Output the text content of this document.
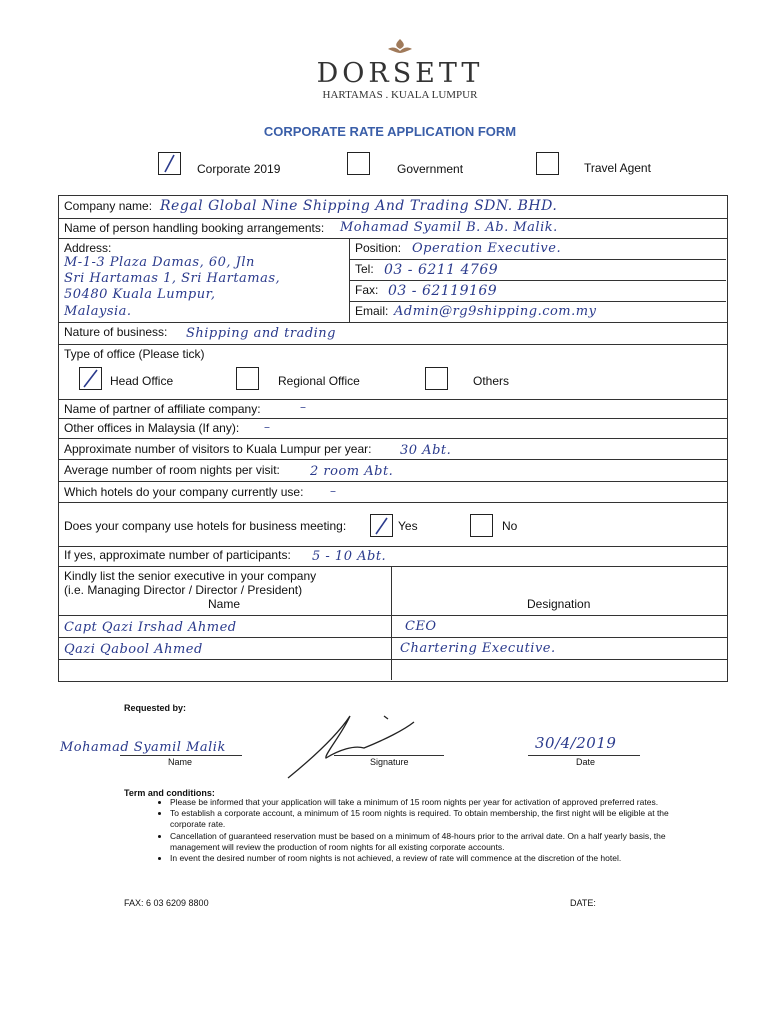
DORSETT
HARTAMAS . KUALA LUMPUR
CORPORATE RATE APPLICATION FORM
Corporate 2019	Government	Travel Agent
Company name: Regal Global Nine Shipping And Trading SDN. BHD.
Name of person handling booking arrangements: Mohamad Syamil B. Ab. Malik.
Address:
M-1-3 Plaza Damas, 60, Jln
Sri Hartamas 1, Sri Hartamas,
50480 Kuala Lumpur,
Malaysia.
Position: Operation Executive.
Tel: 03 - 6211 4769
Fax: 03 - 62119169
Email: Admin@rg9shipping.com.my
Nature of business: Shipping and trading
Type of office (Please tick)
Head Office	Regional Office	Others
Name of partner of affiliate company:	–
Other offices in Malaysia (If any): –
Approximate number of visitors to Kuala Lumpur per year: 30 Abt.
Average number of room nights per visit: 2 room Abt.
Which hotels do your company currently use: –
Does your company use hotels for business meeting:	Yes	No
If yes, approximate number of participants: 5 - 10 Abt.
Kindly list the senior executive in your company
(i.e. Managing Director / Director / President)
Name	Designation
Capt Qazi Irshad Ahmed	CEO
Qazi Qabool Ahmed	Chartering Executive.
Requested by:
Mohamad Syamil Malik
Name	Signature
30/4/2019
Date
Term and conditions:
• Please be informed that your application will take a minimum of 15 room nights per year for activation of approved preferred rates.
• To establish a corporate account, a minimum of 15 room nights is required. To obtain membership, the first night will be eligible at the corporate rate.
• Cancellation of guaranteed reservation must be based on a minimum of 48-hours prior to the arrival date. On a half yearly basis, the management will review the production of room nights for all existing corporate accounts.
• In event the desired number of room nights is not achieved, a review of rate will commence at the discretion of the hotel.
FAX: 6 03 6209 8800	DATE:
